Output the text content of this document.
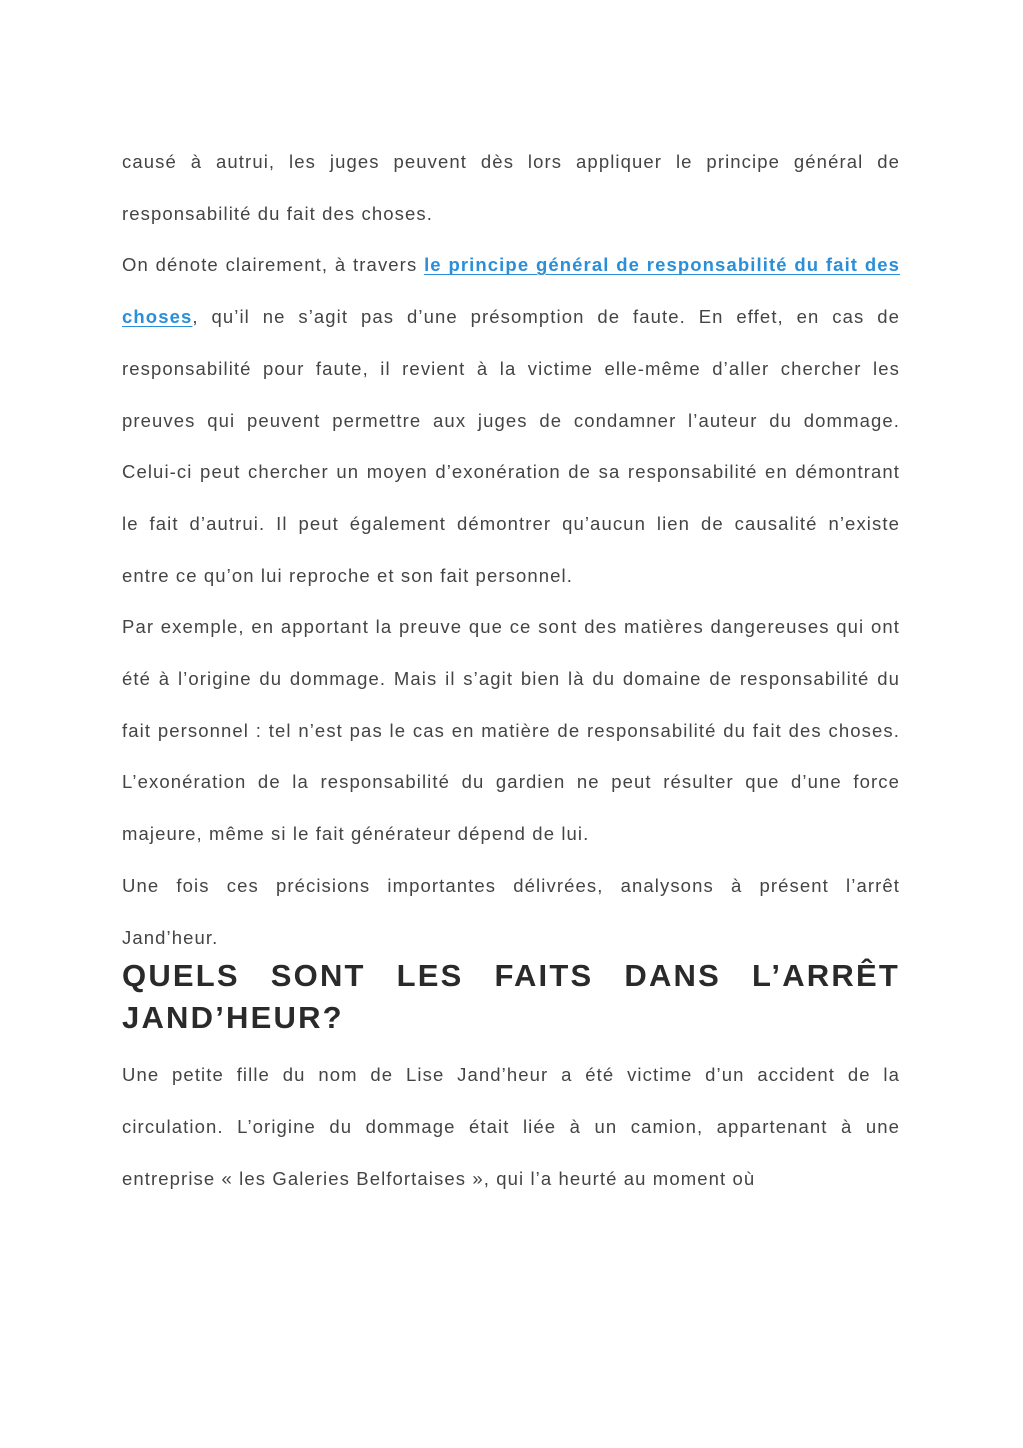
causé à autrui, les juges peuvent dès lors appliquer le principe général de responsabilité du fait des choses.

On dénote clairement, à travers le principe général de responsabilité du fait des choses, qu’il ne s’agit pas d’une présomption de faute. En effet, en cas de responsabilité pour faute, il revient à la victime elle-même d’aller chercher les preuves qui peuvent permettre aux juges de condamner l’auteur du dommage. Celui-ci peut chercher un moyen d’exonération de sa responsabilité en démontrant le fait d’autrui. Il peut également démontrer qu’aucun lien de causalité n’existe entre ce qu’on lui reproche et son fait personnel.

Par exemple, en apportant la preuve que ce sont des matières dangereuses qui ont été à l’origine du dommage. Mais il s’agit bien là du domaine de responsabilité du fait personnel : tel n’est pas le cas en matière de responsabilité du fait des choses. L’exonération de la responsabilité du gardien ne peut résulter que d’une force majeure, même si le fait générateur dépend de lui.

Une fois ces précisions importantes délivrées, analysons à présent l’arrêt Jand’heur.

QUELS SONT LES FAITS DANS L’ARRÊT JAND’HEUR?

Une petite fille du nom de Lise Jand’heur a été victime d’un accident de la circulation. L’origine du dommage était liée à un camion, appartenant à une entreprise « les Galeries Belfortaises », qui l’a heurté au moment où
